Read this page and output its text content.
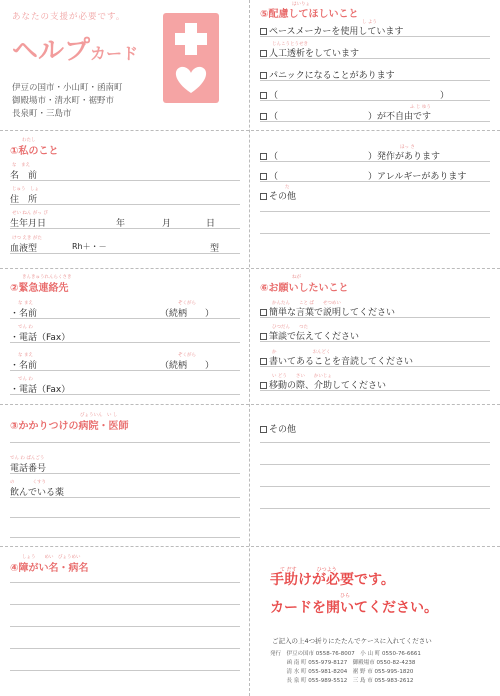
あなたの支援が必要です。
ヘルプカード
伊豆の国市・小山町・函南町
御殿場市・清水町・裾野市
長泉町・三島市
わたし
①私のこと
な　まえ
名　前
じゅう　しょ
住　所
せい ねん がっ ぴ
生年月日	年	月	日
けつ えき がた
血液型	Rh＋・－	型
きんきゅうれんらくさき
②緊急連絡先
な まえ
・名前	（続柄　　）
ぞくがら
でん わ
・電話（Fax）
な まえ
・名前	（続柄　　）
ぞくがら
でん わ
・電話（Fax）
びょういん　い し
③かかりつけの病院・医師
でん わ ばんごう
電話番号
の　　　　くすり
飲んでいる薬
しょう　　めい　びょうめい
④障がい名・病名
はいりょ
⑤配慮してほしいこと
し よう
ペースメーカーを使用しています
じんこうとうせき
人工透析をしています
パニックになることがあります
（　　　　　　　　　　　　　　　　　　）
ふ じ ゆう
（　　　　　　　　　　）が不自由です
ほっ さ
（　　　　　　　　　　）発作があります
（　　　　　　　　　　）アレルギーがあります
た
その他
ねが
⑥お願いしたいこと
かんたん　　こと ば　　せつめい
簡単な言葉で説明してください
ひつだん　　つた
筆談で伝えてください
か　　　　　　　　おんどく
書いてあることを音読してください
い どう　　さい　　かいじょ
移動の際、介助してください
その他
て だす　　　　ひつよう
手助けが必要です。
カードを開いてください。
ひら
ご記入の上4つ折りにたたんでケースに入れてください
発行　伊豆の国市 0558-76-8007　小 山 町 0550-76-6661
　　　函 南 町 055-979-8127　御殿場市 0550-82-4238
　　　清 水 町 055-981-8204　裾 野 市 055-995-1820
　　　長 泉 町 055-989-5512　三 島 市 055-983-2612
